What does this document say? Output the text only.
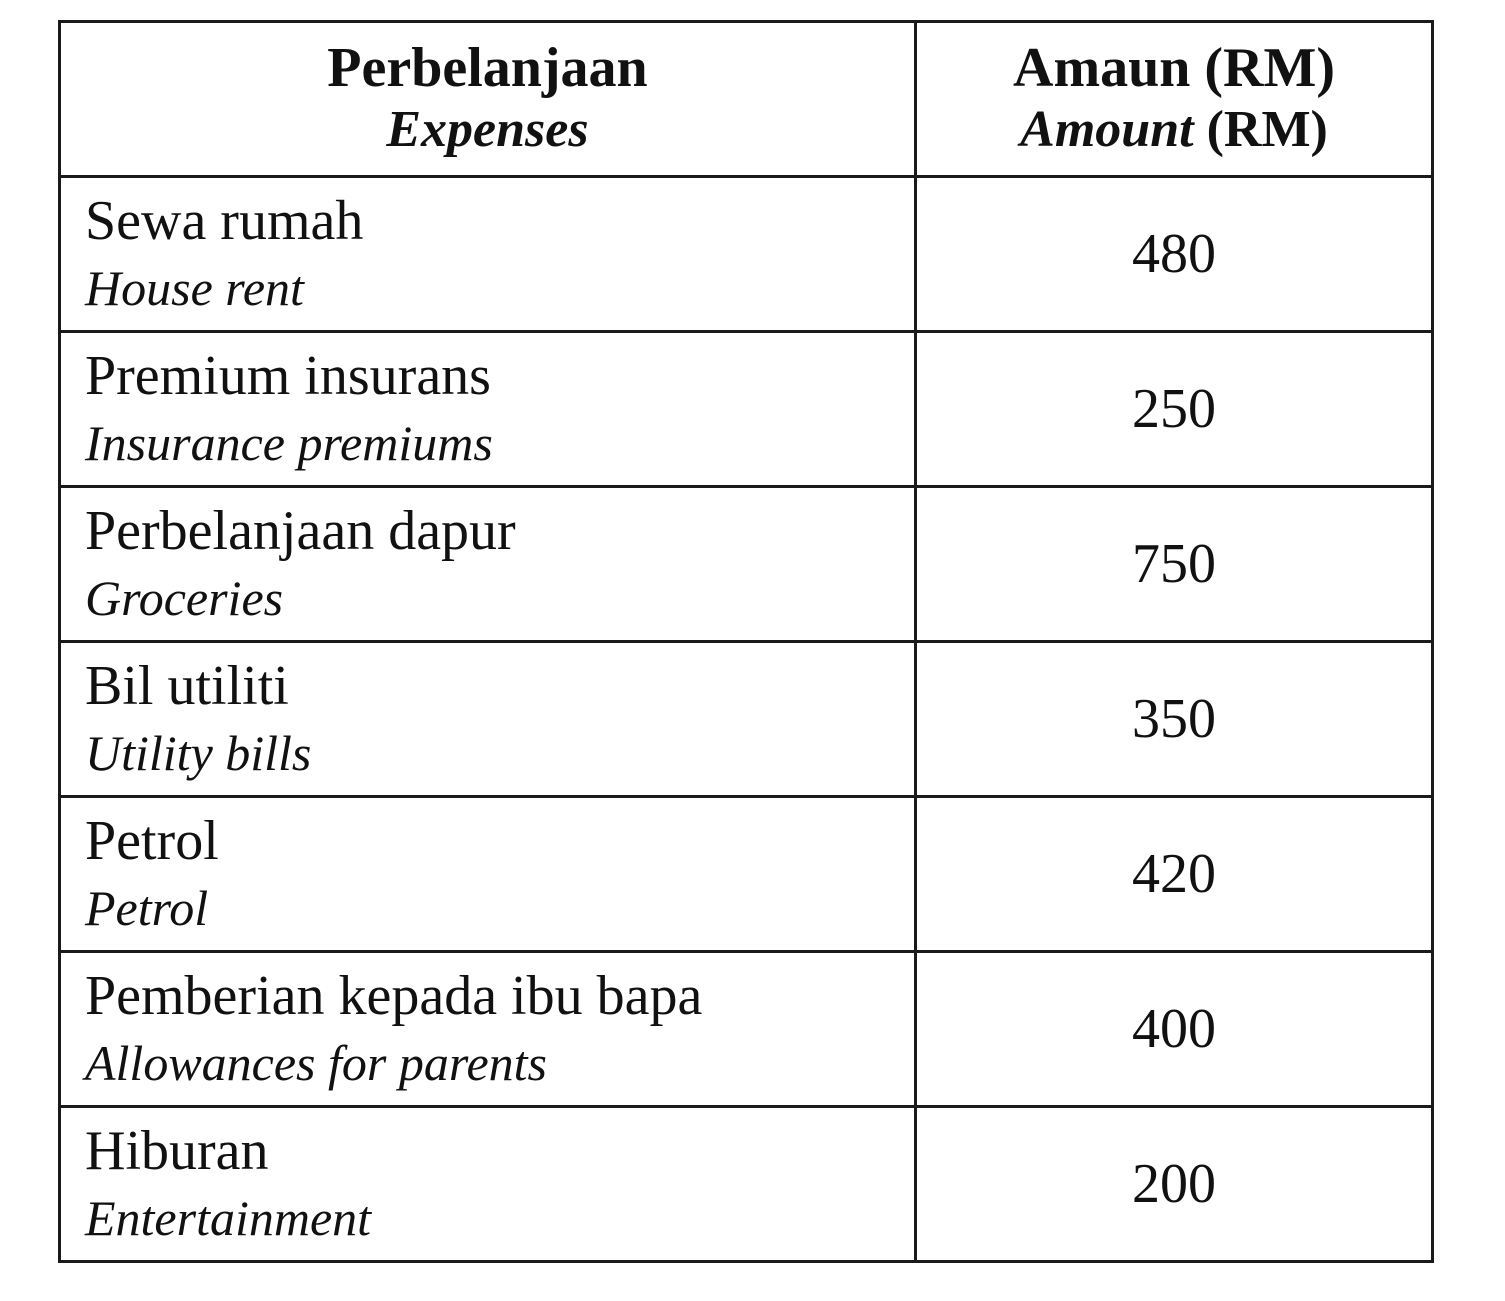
Perbelanjaan
Expenses	Amaun (RM)
Amount (RM)

Sewa rumah
House rent	480

Premium insurans
Insurance premiums	250

Perbelanjaan dapur
Groceries	750

Bil utiliti
Utility bills	350

Petrol
Petrol	420

Pemberian kepada ibu bapa
Allowances for parents	400

Hiburan
Entertainment	200
